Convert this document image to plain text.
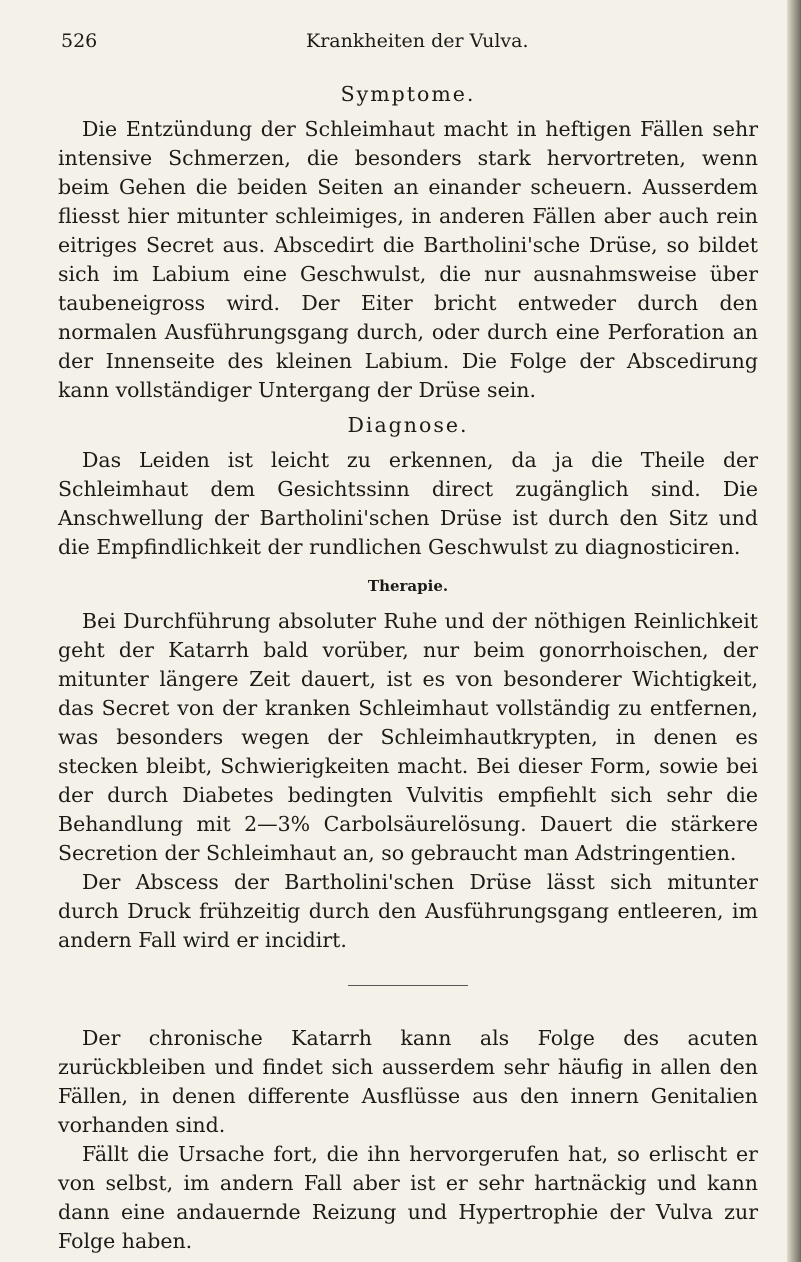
526	Krankheiten der Vulva.
Symptome.

Die Entzündung der Schleimhaut macht in heftigen Fällen sehr intensive Schmerzen, die besonders stark hervortreten, wenn beim Gehen die beiden Seiten an einander scheuern. Ausserdem fliesst hier mitunter schleimiges, in anderen Fällen aber auch rein eitriges Secret aus. Abscedirt die Bartholini'sche Drüse, so bildet sich im Labium eine Geschwulst, die nur ausnahmsweise über taubeneigross wird. Der Eiter bricht entweder durch den normalen Ausführungsgang durch, oder durch eine Perforation an der Innenseite des kleinen Labium. Die Folge der Abscedirung kann vollständiger Untergang der Drüse sein.

Diagnose.

Das Leiden ist leicht zu erkennen, da ja die Theile der Schleimhaut dem Gesichtssinn direct zugänglich sind. Die Anschwellung der Bartholini'schen Drüse ist durch den Sitz und die Empfindlichkeit der rundlichen Geschwulst zu diagnosticiren.

Therapie.

Bei Durchführung absoluter Ruhe und der nöthigen Reinlichkeit geht der Katarrh bald vorüber, nur beim gonorrhoischen, der mitunter längere Zeit dauert, ist es von besonderer Wichtigkeit, das Secret von der kranken Schleimhaut vollständig zu entfernen, was besonders wegen der Schleimhautkrypten, in denen es stecken bleibt, Schwierigkeiten macht. Bei dieser Form, sowie bei der durch Diabetes bedingten Vulvitis empfiehlt sich sehr die Behandlung mit 2—3% Carbolsäurelösung. Dauert die stärkere Secretion der Schleimhaut an, so gebraucht man Adstringentien.

Der Abscess der Bartholini'schen Drüse lässt sich mitunter durch Druck frühzeitig durch den Ausführungsgang entleeren, im andern Fall wird er incidirt.

Der chronische Katarrh kann als Folge des acuten zurückbleiben und findet sich ausserdem sehr häufig in allen den Fällen, in denen differente Ausflüsse aus den innern Genitalien vorhanden sind.

Fällt die Ursache fort, die ihn hervorgerufen hat, so erlischt er von selbst, im andern Fall aber ist er sehr hartnäckig und kann dann eine andauernde Reizung und Hypertrophie der Vulva zur Folge haben.
